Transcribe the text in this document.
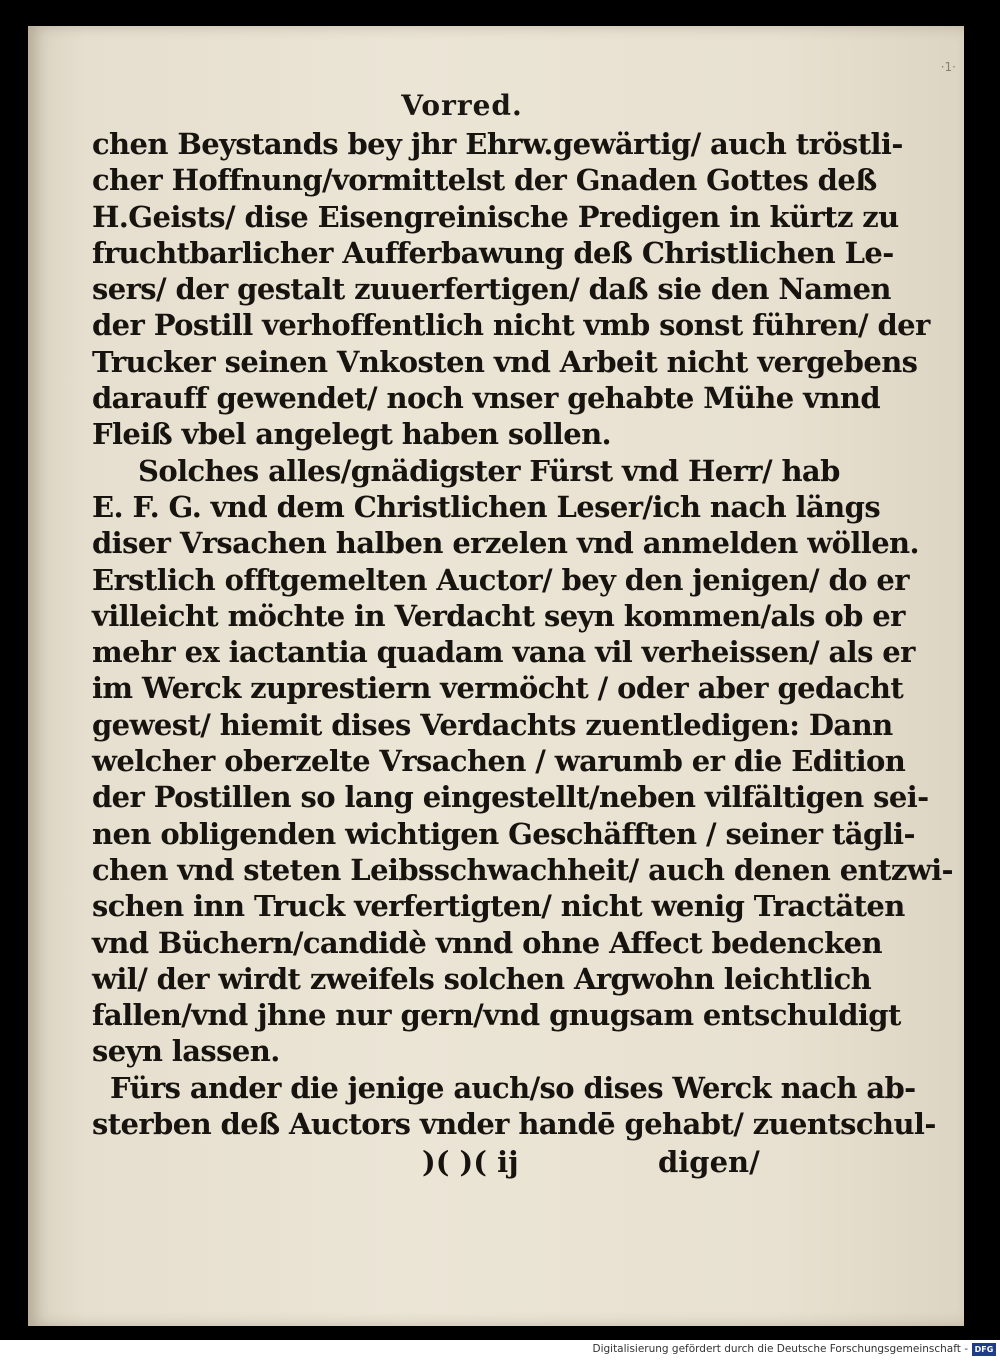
·1·
Vorred.
chen Beystands bey jhr Ehrw.gewärtig/ auch tröstli-
cher Hoffnung/vormittelst der Gnaden Gottes deß
H.Geists/ dise Eisengreinische Predigen in kürtz zu
fruchtbarlicher Aufferbawung deß Christlichen Le-
sers/ der gestalt zuuerfertigen/ daß sie den Namen
der Postill verhoffentlich nicht vmb sonst führen/ der
Trucker seinen Vnkosten vnd Arbeit nicht vergebens
darauff gewendet/ noch vnser gehabte Mühe vnnd
Fleiß vbel angelegt haben sollen.
Solches alles/gnädigster Fürst vnd Herr/ hab
E. F. G. vnd dem Christlichen Leser/ich nach längs
diser Vrsachen halben erzelen vnd anmelden wöllen.
Erstlich offtgemelten Auctor/ bey den jenigen/ do er
villeicht möchte in Verdacht seyn kommen/als ob er
mehr ex iactantia quadam vana vil verheissen/ als er
im Werck zuprestiern vermöcht / oder aber gedacht
gewest/ hiemit dises Verdachts zuentledigen: Dann
welcher oberzelte Vrsachen / warumb er die Edition
der Postillen so lang eingestellt/neben vilfältigen sei-
nen obligenden wichtigen Geschäfften / seiner tägli-
chen vnd steten Leibsschwachheit/ auch denen entzwi-
schen inn Truck verfertigten/ nicht wenig Tractäten
vnd Büchern/candidè vnnd ohne Affect bedencken
wil/ der wirdt zweifels solchen Argwohn leichtlich
fallen/vnd jhne nur gern/vnd gnugsam entschuldigt
seyn lassen.
Fürs ander die jenige auch/so dises Werck nach ab-
sterben deß Auctors vnder handē gehabt/ zuentschul-
)( )( ij	digen/
Digitalisierung gefördert durch die Deutsche Forschungsgemeinschaft - DFG
